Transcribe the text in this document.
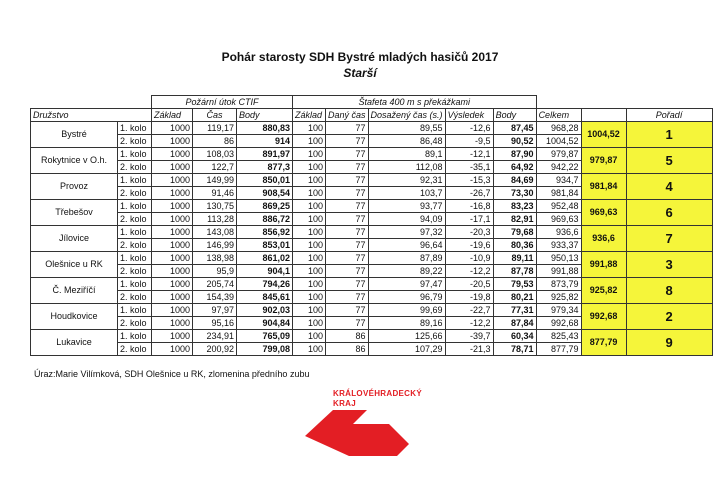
Pohár starosty SDH Bystré mladých hasičů 2017
Starší
		Požární útok CTIF			Štafeta 400 m s překážkami							
Družstvo		Základ	Čas	Body	Základ	Daný čas	Dosažený čas (s.)	Výsledek	Body	Celkem		Pořadí
Bystré	1. kolo	1000	119,17	880,83	100	77	89,55	-12,6	87,45	968,28	1004,52	1
	2. kolo	1000	86	914	100	77	86,48	-9,5	90,52	1004,52		
Rokytnice v O.h.	1. kolo	1000	108,03	891,97	100	77	89,1	-12,1	87,90	979,87	979,87	5
	2. kolo	1000	122,7	877,3	100	77	112,08	-35,1	64,92	942,22		
Provoz	1. kolo	1000	149,99	850,01	100	77	92,31	-15,3	84,69	934,7	981,84	4
	2. kolo	1000	91,46	908,54	100	77	103,7	-26,7	73,30	981,84		
Třebešov	1. kolo	1000	130,75	869,25	100	77	93,77	-16,8	83,23	952,48	969,63	6
	2. kolo	1000	113,28	886,72	100	77	94,09	-17,1	82,91	969,63		
Jílovice	1. kolo	1000	143,08	856,92	100	77	97,32	-20,3	79,68	936,6	936,6	7
	2. kolo	1000	146,99	853,01	100	77	96,64	-19,6	80,36	933,37		
Olešnice u RK	1. kolo	1000	138,98	861,02	100	77	87,89	-10,9	89,11	950,13	991,88	3
	2. kolo	1000	95,9	904,1	100	77	89,22	-12,2	87,78	991,88		
Č. Meziříčí	1. kolo	1000	205,74	794,26	100	77	97,47	-20,5	79,53	873,79	925,82	8
	2. kolo	1000	154,39	845,61	100	77	96,79	-19,8	80,21	925,82		
Houdkovice	1. kolo	1000	97,97	902,03	100	77	99,69	-22,7	77,31	979,34	992,68	2
	2. kolo	1000	95,16	904,84	100	77	89,16	-12,2	87,84	992,68		
Lukavice	1. kolo	1000	234,91	765,09	100	86	125,66	-39,7	60,34	825,43	877,79	9
	2. kolo	1000	200,92	799,08	100	86	107,29	-21,3	78,71	877,79		
Úraz:Marie Vilímková, SDH Olešnice u RK, zlomenina předního zubu
KRÁLOVÉHRADECKÝ
KRAJ
